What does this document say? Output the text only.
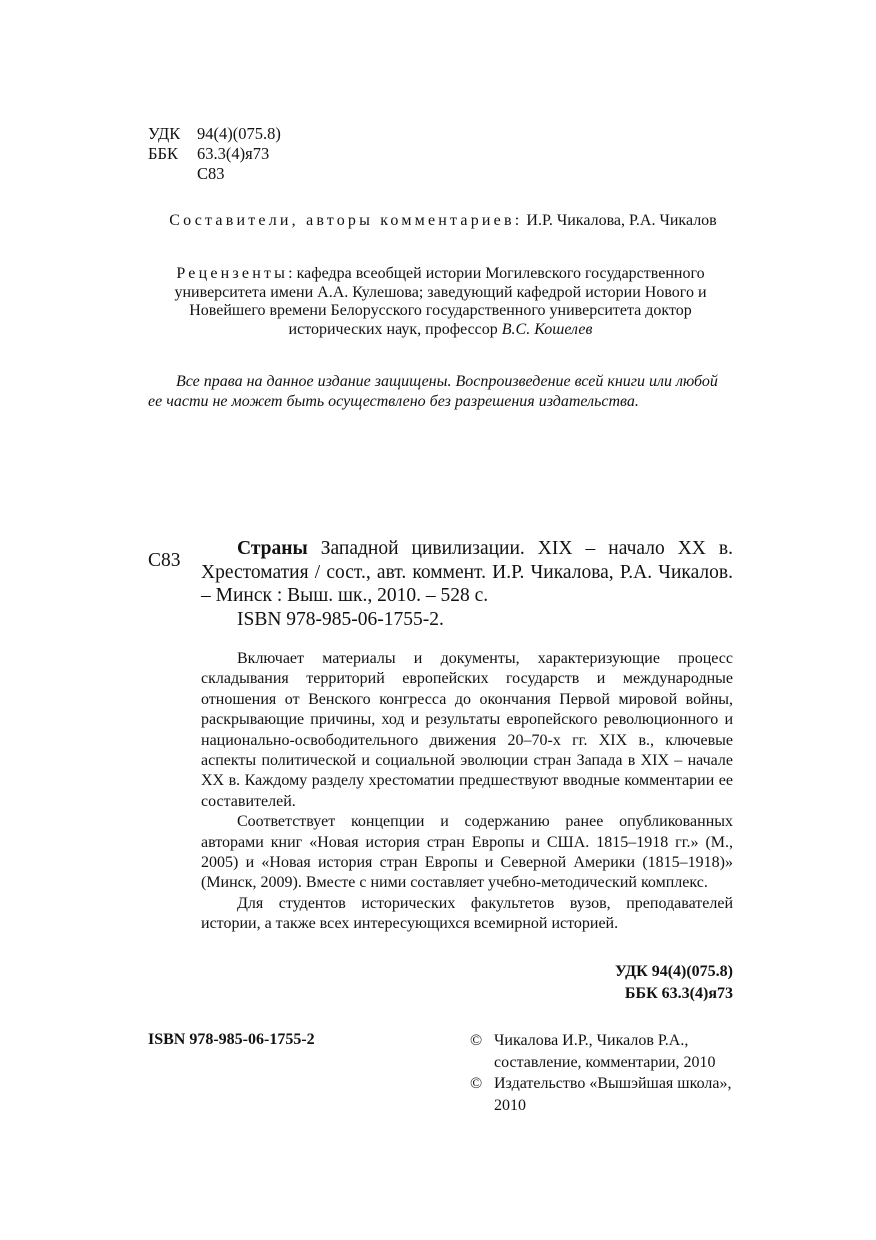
УДК 94(4)(075.8)
ББК 63.3(4)я73
С83
Составители, авторы комментариев: И.Р. Чикалова, Р.А. Чикалов
Рецензенты: кафедра всеобщей истории Могилевского государственного университета имени А.А. Кулешова; заведующий кафедрой истории Нового и Новейшего времени Белорусского государственного университета доктор исторических наук, профессор В.С. Кошелев

Все права на данное издание защищены. Воспроизведение всей книги или любой

ее части не может быть осуществлено без разрешения издательства.

С83

Страны Западной цивилизации. XIX – начало XX в. Хрестоматия / сост., авт. коммент. И.Р. Чикалова, Р.А. Чикалов. – Минск : Выш. шк., 2010. – 528 с.

ISBN 978-985-06-1755-2.

Включает материалы и документы, характеризующие процесс складывания территорий европейских государств и международные отношения от Венского конгресса до окончания Первой мировой войны, раскрывающие причины, ход и результаты европейского революционного и национально-освободительного движения 20–70-х гг. XIX в., ключевые аспекты политической и социальной эволюции стран Запада в XIX – начале XX в. Каждому разделу хрестоматии предшествуют вводные комментарии ее составителей.

Соответствует концепции и содержанию ранее опубликованных авторами книг «Новая история стран Европы и США. 1815–1918 гг.» (М., 2005) и «Новая история стран Европы и Северной Америки (1815–1918)» (Минск, 2009). Вместе с ними составляет учебно-методический комплекс.

Для студентов исторических факультетов вузов, преподавателей истории, а также всех интересующихся всемирной историей.

УДК 94(4)(075.8)
ББК 63.3(4)я73
ISBN 978-985-06-1755-2	© Чикалова И.Р., Чикалов Р.А., составление, комментарии, 2010
© Издательство «Вышэйшая школа», 2010
